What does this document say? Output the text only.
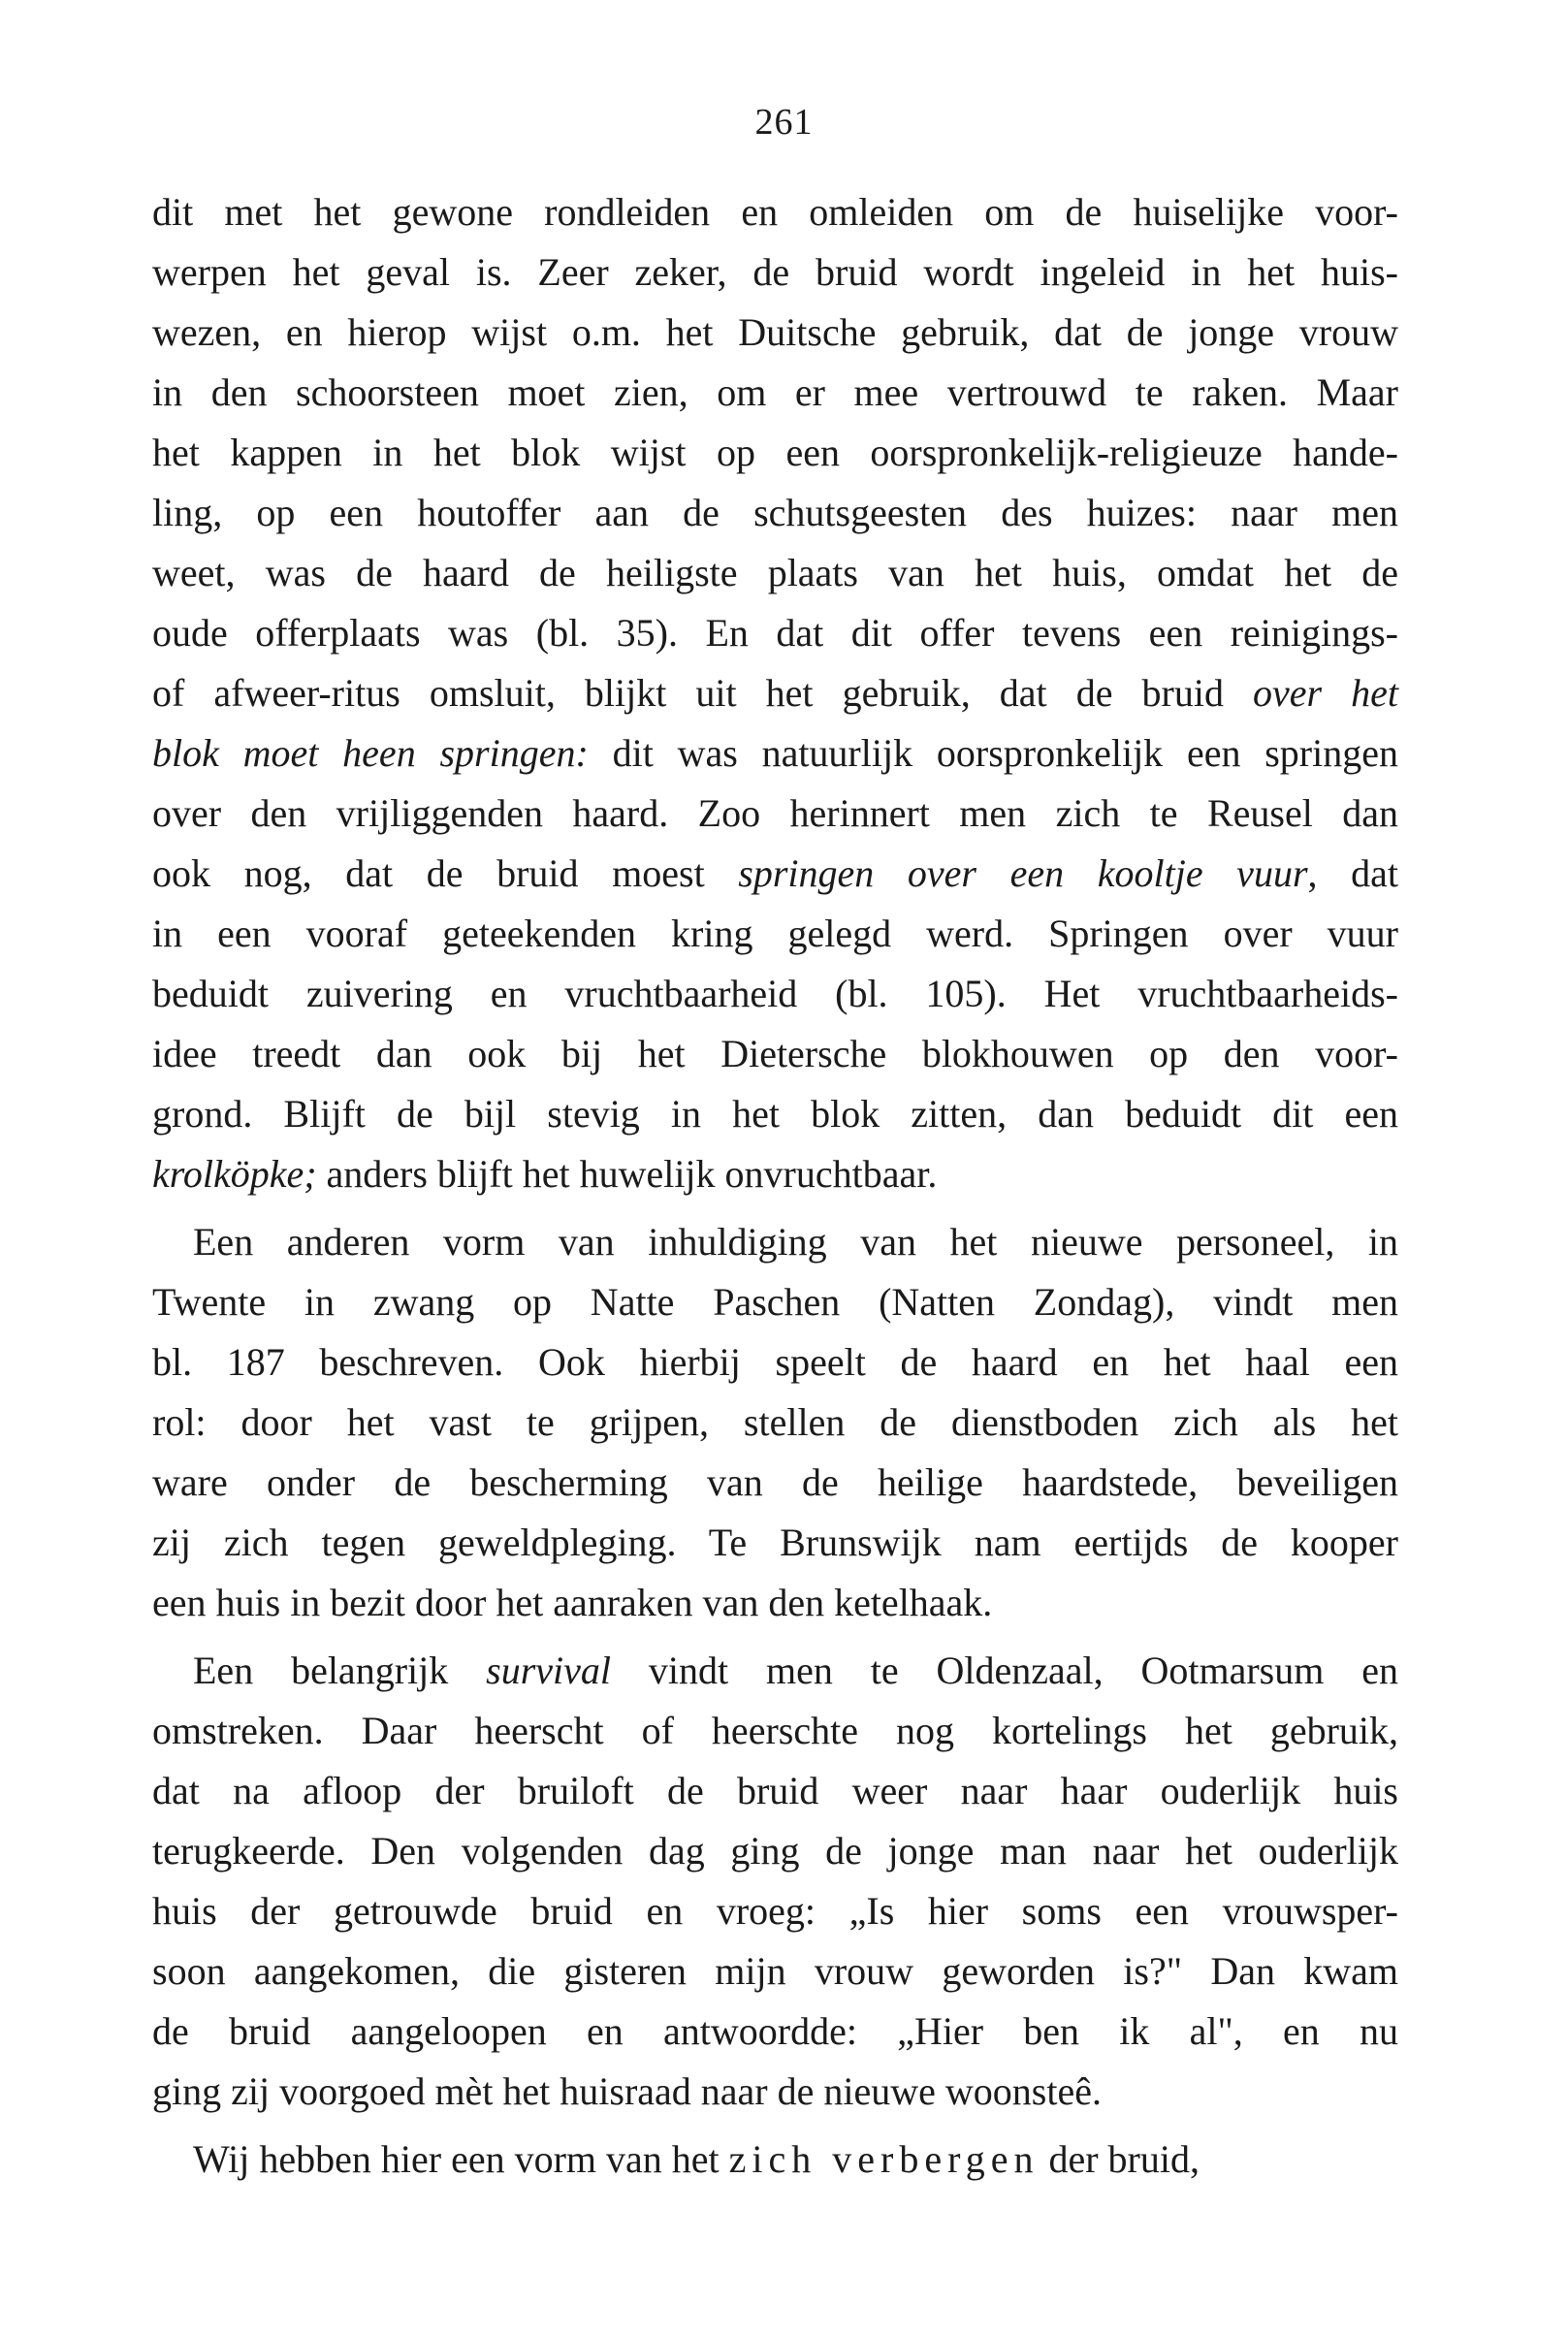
261
dit met het gewone rondleiden en omleiden om de huiselijke voor-
werpen het geval is. Zeer zeker, de bruid wordt ingeleid in het huis-
wezen, en hierop wijst o.m. het Duitsche gebruik, dat de jonge vrouw
in den schoorsteen moet zien, om er mee vertrouwd te raken. Maar
het kappen in het blok wijst op een oorspronkelijk-religieuze hande-
ling, op een houtoffer aan de schutsgeesten des huizes: naar men
weet, was de haard de heiligste plaats van het huis, omdat het de
oude offerplaats was (bl. 35). En dat dit offer tevens een reinigings-
of afweer-ritus omsluit, blijkt uit het gebruik, dat de bruid over het
blok moet heen springen: dit was natuurlijk oorspronkelijk een springen
over den vrijliggenden haard. Zoo herinnert men zich te Reusel dan
ook nog, dat de bruid moest springen over een kooltje vuur, dat
in een vooraf geteekenden kring gelegd werd. Springen over vuur
beduidt zuivering en vruchtbaarheid (bl. 105). Het vruchtbaarheids-
idee treedt dan ook bij het Dietersche blokhouwen op den voor-
grond. Blijft de bijl stevig in het blok zitten, dan beduidt dit een
krolköpke; anders blijft het huwelijk onvruchtbaar.
Een anderen vorm van inhuldiging van het nieuwe personeel, in
Twente in zwang op Natte Paschen (Natten Zondag), vindt men
bl. 187 beschreven. Ook hierbij speelt de haard en het haal een
rol: door het vast te grijpen, stellen de dienstboden zich als het
ware onder de bescherming van de heilige haardstede, beveiligen
zij zich tegen geweldpleging. Te Brunswijk nam eertijds de kooper
een huis in bezit door het aanraken van den ketelhaak.
Een belangrijk survival vindt men te Oldenzaal, Ootmarsum en
omstreken. Daar heerscht of heerschte nog kortelings het gebruik,
dat na afloop der bruiloft de bruid weer naar haar ouderlijk huis
terugkeerde. Den volgenden dag ging de jonge man naar het ouderlijk
huis der getrouwde bruid en vroeg: „Is hier soms een vrouwsper-
soon aangekomen, die gisteren mijn vrouw geworden is?" Dan kwam
de bruid aangeloopen en antwoordde: „Hier ben ik al", en nu
ging zij voorgoed mèt het huisraad naar de nieuwe woonsteê.
Wij hebben hier een vorm van het zich verbergen der bruid,
